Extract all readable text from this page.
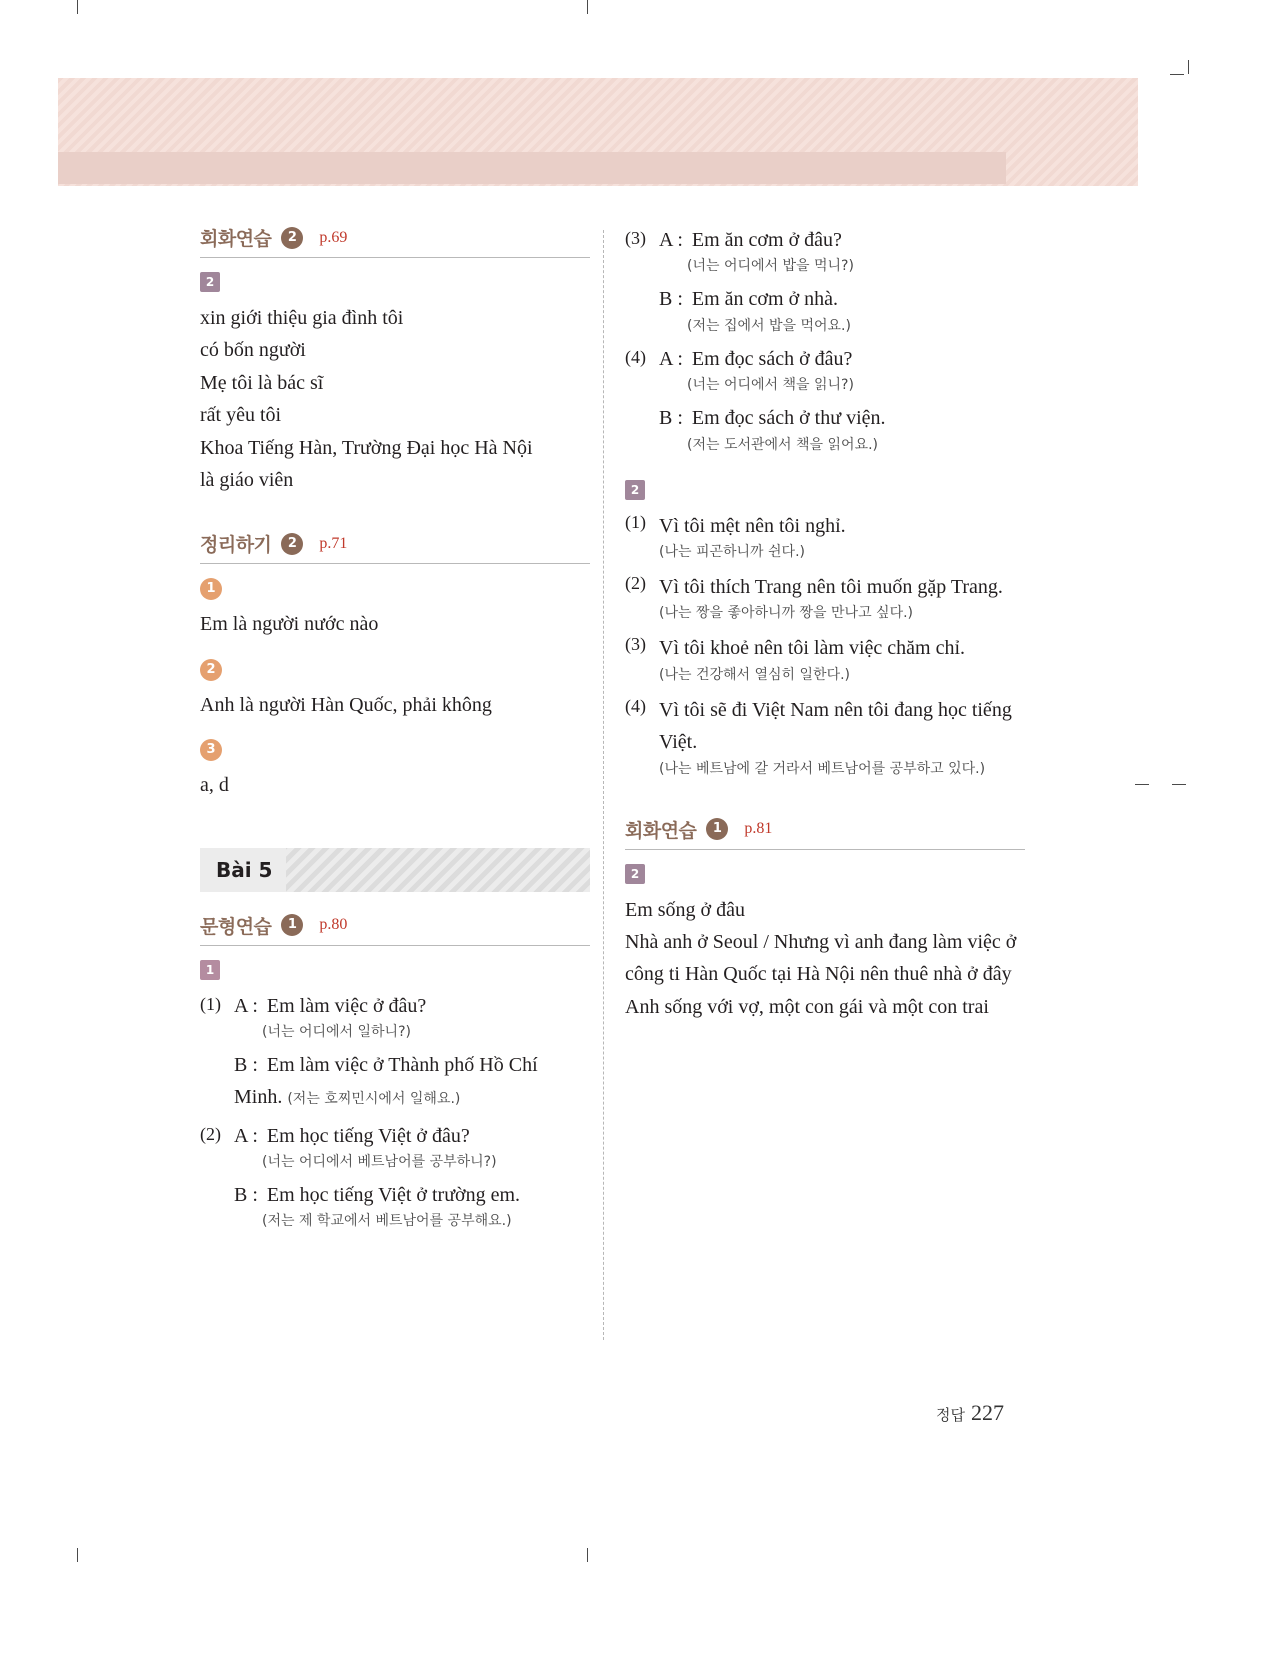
회화연습	2	p.69
2

xin giới thiệu gia đình tôi

có bốn người

Mẹ tôi là bác sĩ

rất yêu tôi

Khoa Tiếng Hàn, Trường Đại học Hà Nội

là giáo viên

정리하기	2	p.71
1
Em là người nước nào
2
Anh là người Hàn Quốc, phải không
3
a, d
Bài 5
문형연습	1	p.80
1
(1) A : Em làm việc ở đâu?
(너는 어디에서 일하니?)
B : Em làm việc ở Thành phố Hồ Chí Minh. (저는 호찌민시에서 일해요.)
(2) A : Em học tiếng Việt ở đâu?
(너는 어디에서 베트남어를 공부하니?)
B : Em học tiếng Việt ở trường em.
(저는 제 학교에서 베트남어를 공부해요.)
(3) A : Em ăn cơm ở đâu?
(너는 어디에서 밥을 먹니?)
B : Em ăn cơm ở nhà.
(저는 집에서 밥을 먹어요.)
(4) A : Em đọc sách ở đâu?
(너는 어디에서 책을 읽니?)
B : Em đọc sách ở thư viện.
(저는 도서관에서 책을 읽어요.)
2
(1) Vì tôi mệt nên tôi nghỉ.
(나는 피곤하니까 쉰다.)
(2) Vì tôi thích Trang nên tôi muốn gặp Trang.
(나는 짱을 좋아하니까 짱을 만나고 싶다.)
(3) Vì tôi khoẻ nên tôi làm việc chăm chỉ.
(나는 건강해서 열심히 일한다.)
(4) Vì tôi sẽ đi Việt Nam nên tôi đang học tiếng Việt.
(나는 베트남에 갈 거라서 베트남어를 공부하고 있다.)
회화연습	1	p.81
2

Em sống ở đâu

Nhà anh ở Seoul / Nhưng vì anh đang làm việc ở công ti Hàn Quốc tại Hà Nội nên thuê nhà ở đây

Anh sống với vợ, một con gái và một con trai

정답 227
